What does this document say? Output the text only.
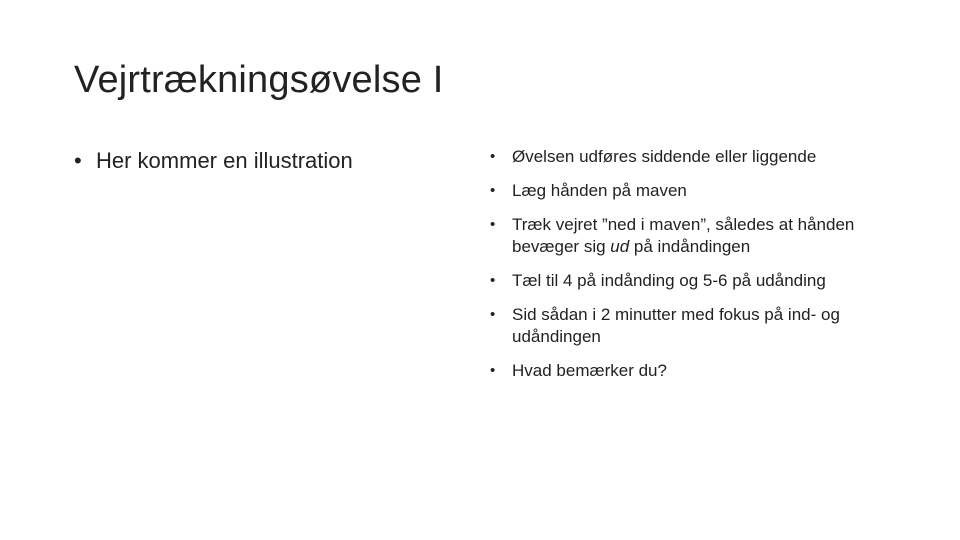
Vejrtrækningsøvelse I
• Her kommer en illustration	• Øvelsen udføres siddende eller liggende
• Læg hånden på maven
• Træk vejret ”ned i maven”, således at hånden bevæger sig ud på indåndingen
• Tæl til 4 på indånding og 5-6 på udånding
• Sid sådan i 2 minutter med fokus på ind- og udåndingen
• Hvad bemærker du?
